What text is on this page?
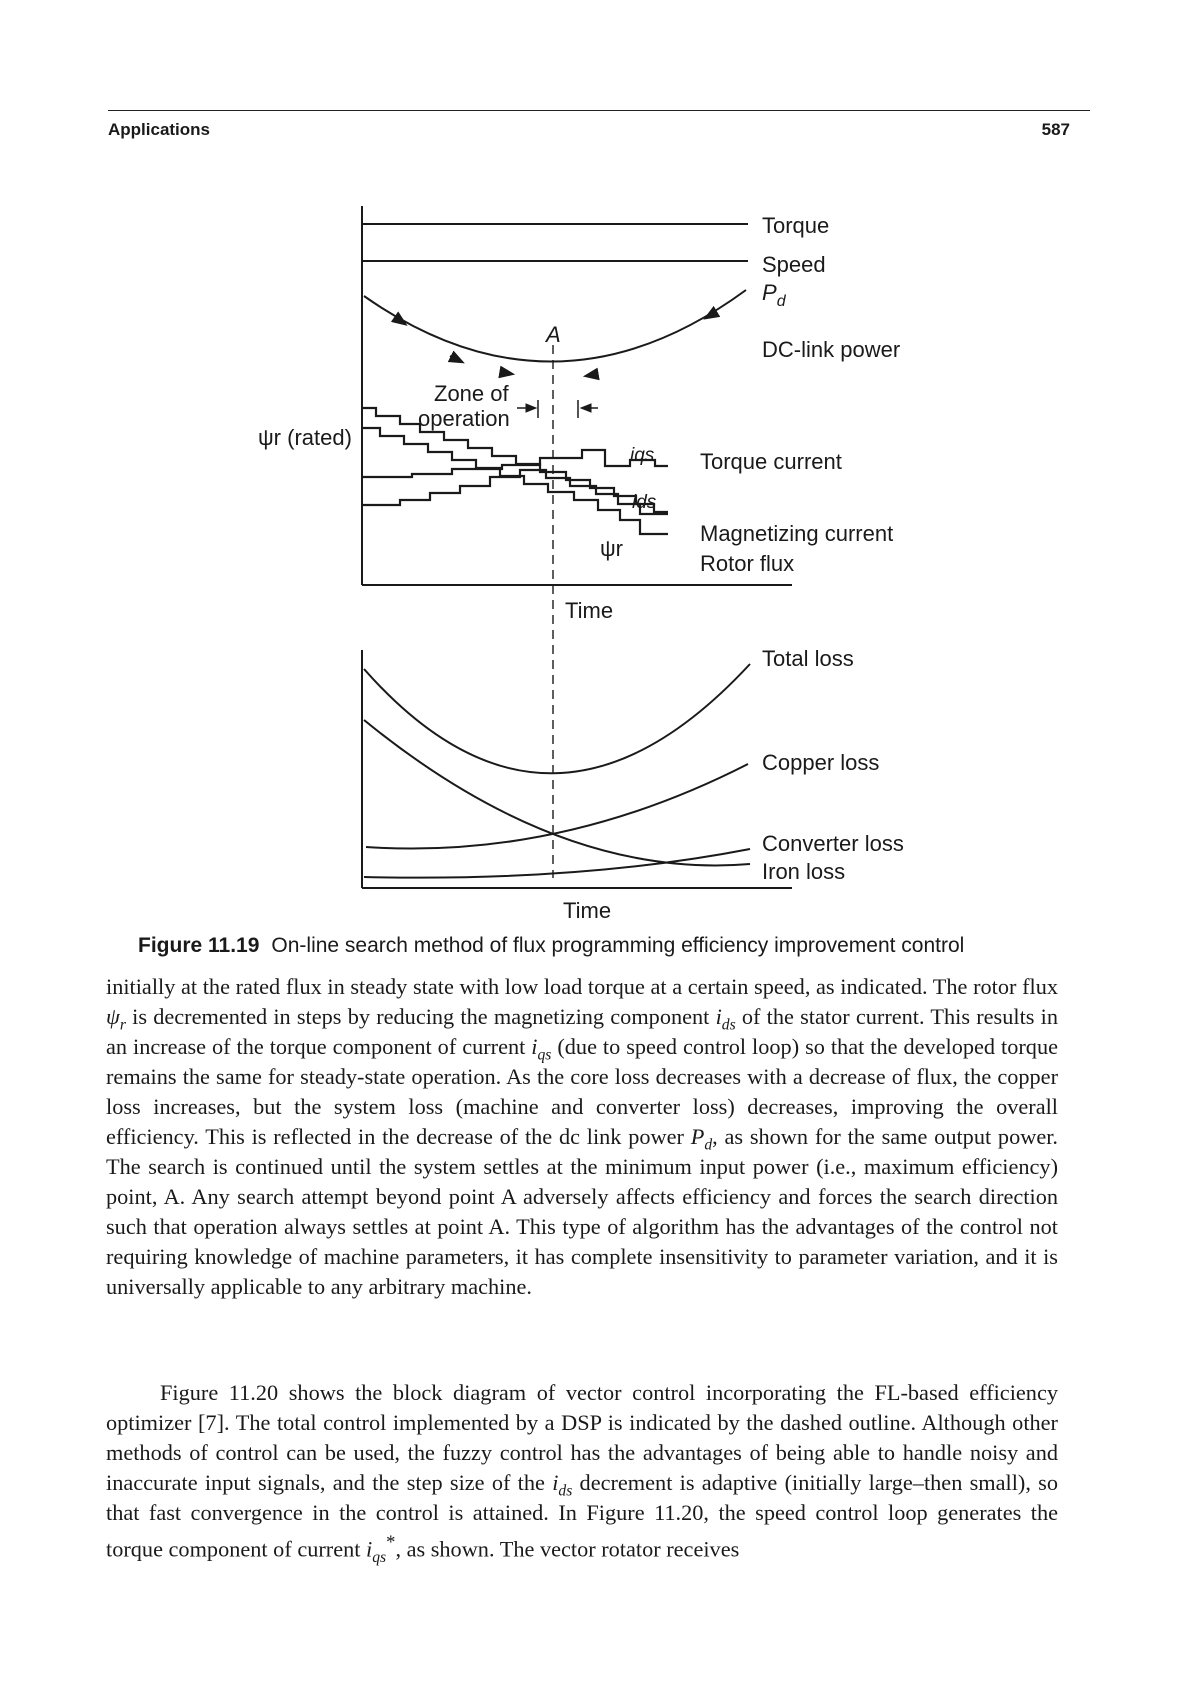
Applications	587
Torque
Speed
$P_d$
DC-link power
A
Zone of
operation
ψr (rated)
iqs
ids
ψr
Torque current
Magnetizing current
Rotor flux
Time
Total loss
Copper loss
Converter loss
Iron loss
Time
Figure 11.19 On-line search method of flux programming efficiency improvement control

initially at the rated flux in steady state with low load torque at a certain speed, as indicated. The rotor flux $\psi_r$ is decremented in steps by reducing the magnetizing component $i_{ds}$ of the stator current. This results in an increase of the torque component of current $i_{qs}$ (due to speed control loop) so that the developed torque remains the same for steady-state operation. As the core loss decreases with a decrease of flux, the copper loss increases, but the system loss (machine and converter loss) decreases, improving the overall efficiency. This is reflected in the decrease of the dc link power $P_d$, as shown for the same output power. The search is continued until the system settles at the minimum input power (i.e., maximum efficiency) point, A. Any search attempt beyond point A adversely affects efficiency and forces the search direction such that operation always settles at point A. This type of algorithm has the advantages of the control not requiring knowledge of machine parameters, it has complete insensitivity to parameter variation, and it is universally applicable to any arbitrary machine.

Figure 11.20 shows the block diagram of vector control incorporating the FL-based efficiency optimizer [7]. The total control implemented by a DSP is indicated by the dashed outline. Although other methods of control can be used, the fuzzy control has the advantages of being able to handle noisy and inaccurate input signals, and the step size of the $i_{ds}$ decrement is adaptive (initially large–then small), so that fast convergence in the control is attained. In Figure 11.20, the speed control loop generates the torque component of current $i_{qs}^*$, as shown. The vector rotator receives
